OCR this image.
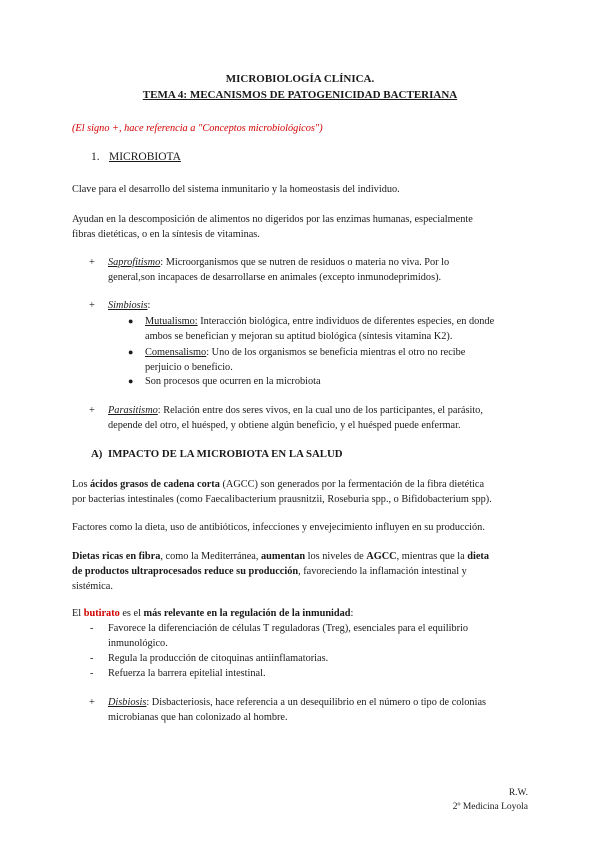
MICROBIOLOGÍA CLÍNICA.
TEMA 4: MECANISMOS DE PATOGENICIDAD BACTERIANA
(El signo +, hace referencia a "Conceptos microbiológicos")
1. MICROBIOTA
Clave para el desarrollo del sistema inmunitario y la homeostasis del individuo.
Ayudan en la descomposición de alimentos no digeridos por las enzimas humanas, especialmente
fibras dietéticas, o en la síntesis de vitaminas.
+ Saprofitismo: Microorganismos que se nutren de residuos o materia no viva. Por lo
general,son incapaces de desarrollarse en animales (excepto inmunodeprimidos).
+ Simbiosis:
● Mutualismo: Interacción biológica, entre individuos de diferentes especies, en donde
ambos se benefician y mejoran su aptitud biológica (síntesis vitamina K2).
● Comensalismo: Uno de los organismos se beneficia mientras el otro no recibe
perjuicio o beneficio.
● Son procesos que ocurren en la microbiota
+ Parasitismo: Relación entre dos seres vivos, en la cual uno de los participantes, el parásito,
depende del otro, el huésped, y obtiene algún beneficio, y el huésped puede enfermar.
A) IMPACTO DE LA MICROBIOTA EN LA SALUD
Los ácidos grasos de cadena corta (AGCC) son generados por la fermentación de la fibra dietética
por bacterias intestinales (como Faecalibacterium prausnitzii, Roseburia spp., o Bifidobacterium spp).
Factores como la dieta, uso de antibióticos, infecciones y envejecimiento influyen en su producción.
Dietas ricas en fibra, como la Mediterránea, aumentan los niveles de AGCC, mientras que la dieta
de productos ultraprocesados reduce su producción, favoreciendo la inflamación intestinal y
sistémica.
El butirato es el más relevante en la regulación de la inmunidad:
- Favorece la diferenciación de células T reguladoras (Treg), esenciales para el equilibrio
inmunológico.
- Regula la producción de citoquinas antiinflamatorias.
- Refuerza la barrera epitelial intestinal.
+ Disbiosis: Disbacteriosis, hace referencia a un desequilibrio en el número o tipo de colonias
microbianas que han colonizado al hombre.
R.W.
2º Medicina Loyola
